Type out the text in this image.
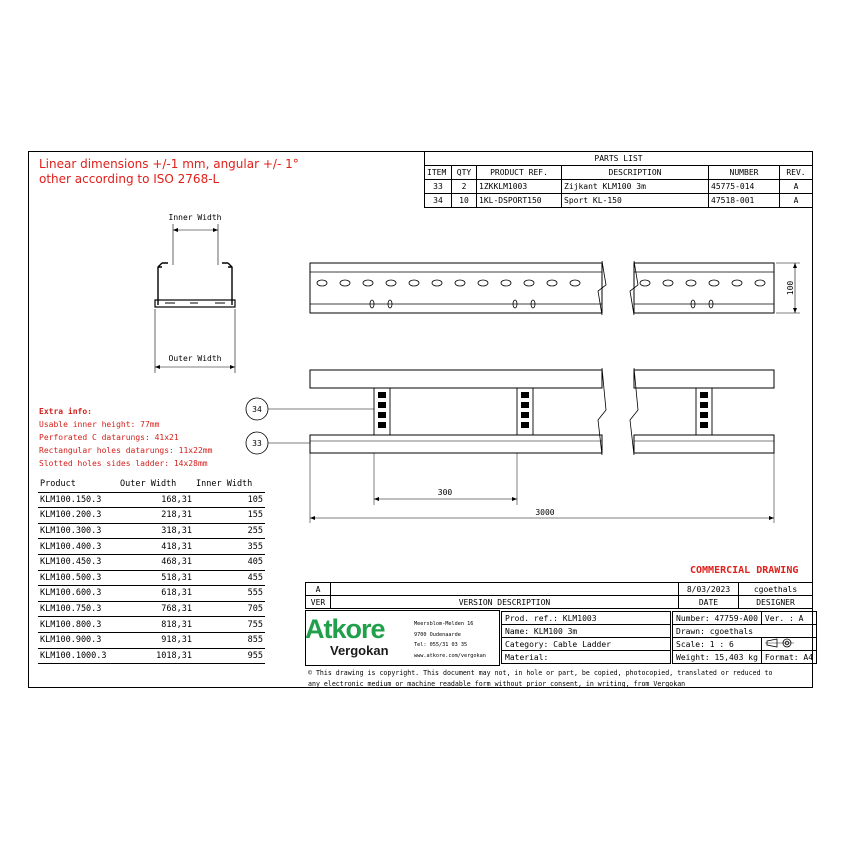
Linear dimensions +/-1 mm, angular +/- 1°
other according to ISO 2768-L
PARTS LIST					
ITEM	QTY	PRODUCT REF.	DESCRIPTION	NUMBER	REV.
33	2	1ZKKLM1003	Zijkant KLM100 3m	45775-014	A
34	10	1KL-DSPORT150	Sport KL-150	47518-001	A
Inner Width
Outer Width
100
34
33
300
3000
Extra info:
Usable inner height: 77mm
Perforated C datarungs: 41x21
Rectangular holes datarungs: 11x22mm
Slotted holes sides ladder: 14x28mm
Product	Outer Width	Inner Width
KLM100.150.3	168,31	105
KLM100.200.3	218,31	155
KLM100.300.3	318,31	255
KLM100.400.3	418,31	355
KLM100.450.3	468,31	405
KLM100.500.3	518,31	455
KLM100.600.3	618,31	555
KLM100.750.3	768,31	705
KLM100.800.3	818,31	755
KLM100.900.3	918,31	855
KLM100.1000.3	1018,31	955
COMMERCIAL DRAWING
A		8/03/2023	cgoethals
VER	VERSION DESCRIPTION	DATE	DESIGNER
Atkore
Vergokan
Meersblom-Melden 16
9700 Oudenaarde
Tel: 055/31 03 35
www.atkore.com/vergokan
Prod. ref.: KLM1003
Name: KLM100 3m
Category: Cable Ladder
Material:
Number: 47759-A00	Ver. : A
Drawn: cgoethals	
Scale: 1 : 6	
Weight: 15,403 kg	Format: A4
© This drawing is copyright. This document may not, in hole or part, be copied, photocopied, translated or reduced to
any electronic medium or machine readable form without prior consent, in writing, from Vergokan
